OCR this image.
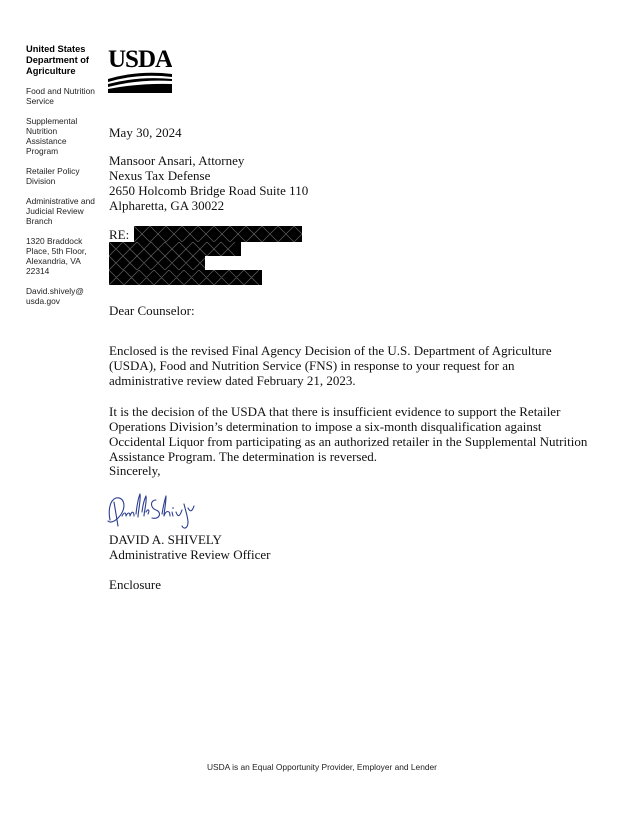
United States Department of Agriculture
Food and Nutrition Service
Supplemental Nutrition Assistance Program
Retailer Policy Division
Administrative and Judicial Review Branch
1320 Braddock Place, 5th Floor, Alexandria, VA 22314
David.shively@ usda.gov
USDA
May 30, 2024
Mansoor Ansari, Attorney
Nexus Tax Defense
2650 Holcomb Bridge Road Suite 110
Alpharetta, GA 30022
RE:
Dear Counselor:

Enclosed is the revised Final Agency Decision of the U.S. Department of Agriculture (USDA), Food and Nutrition Service (FNS) in response to your request for an administrative review dated February 21, 2023.

It is the decision of the USDA that there is insufficient evidence to support the Retailer Operations Division’s determination to impose a six-month disqualification against Occidental Liquor from participating as an authorized retailer in the Supplemental Nutrition Assistance Program. The determination is reversed.

Sincerely,
DAVID A. SHIVELY
Administrative Review Officer
Enclosure
USDA is an Equal Opportunity Provider, Employer and Lender
